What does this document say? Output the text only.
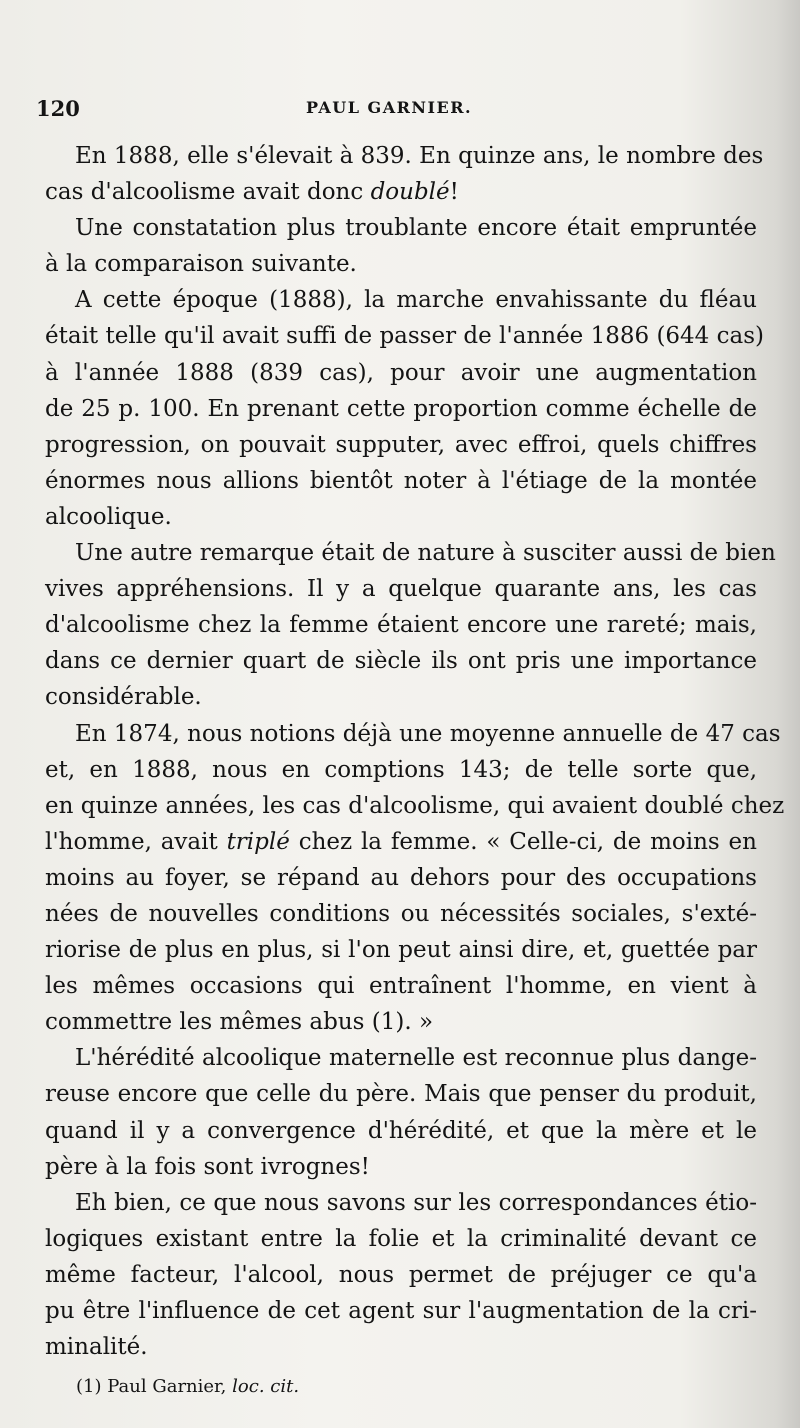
120	PAUL GARNIER.
En 1888, elle s'élevait à 839. En quinze ans, le nombre des
cas d'alcoolisme avait donc doublé!
Une constatation plus troublante encore était empruntée
à la comparaison suivante.
A cette époque (1888), la marche envahissante du fléau
était telle qu'il avait suffi de passer de l'année 1886 (644 cas)
à l'année 1888 (839 cas), pour avoir une augmentation
de 25 p. 100. En prenant cette proportion comme échelle de
progression, on pouvait supputer, avec effroi, quels chiffres
énormes nous allions bientôt noter à l'étiage de la montée
alcoolique.
Une autre remarque était de nature à susciter aussi de bien
vives appréhensions. Il y a quelque quarante ans, les cas
d'alcoolisme chez la femme étaient encore une rareté; mais,
dans ce dernier quart de siècle ils ont pris une importance
considérable.
En 1874, nous notions déjà une moyenne annuelle de 47 cas
et, en 1888, nous en comptions 143; de telle sorte que,
en quinze années, les cas d'alcoolisme, qui avaient doublé chez
l'homme, avait triplé chez la femme. « Celle-ci, de moins en
moins au foyer, se répand au dehors pour des occupations
nées de nouvelles conditions ou nécessités sociales, s'exté-
riorise de plus en plus, si l'on peut ainsi dire, et, guettée par
les mêmes occasions qui entraînent l'homme, en vient à
commettre les mêmes abus (1). »
L'hérédité alcoolique maternelle est reconnue plus dange-
reuse encore que celle du père. Mais que penser du produit,
quand il y a convergence d'hérédité, et que la mère et le
père à la fois sont ivrognes!
Eh bien, ce que nous savons sur les correspondances étio-
logiques existant entre la folie et la criminalité devant ce
même facteur, l'alcool, nous permet de préjuger ce qu'a
pu être l'influence de cet agent sur l'augmentation de la cri-
minalité.
(1) Paul Garnier, loc. cit.
